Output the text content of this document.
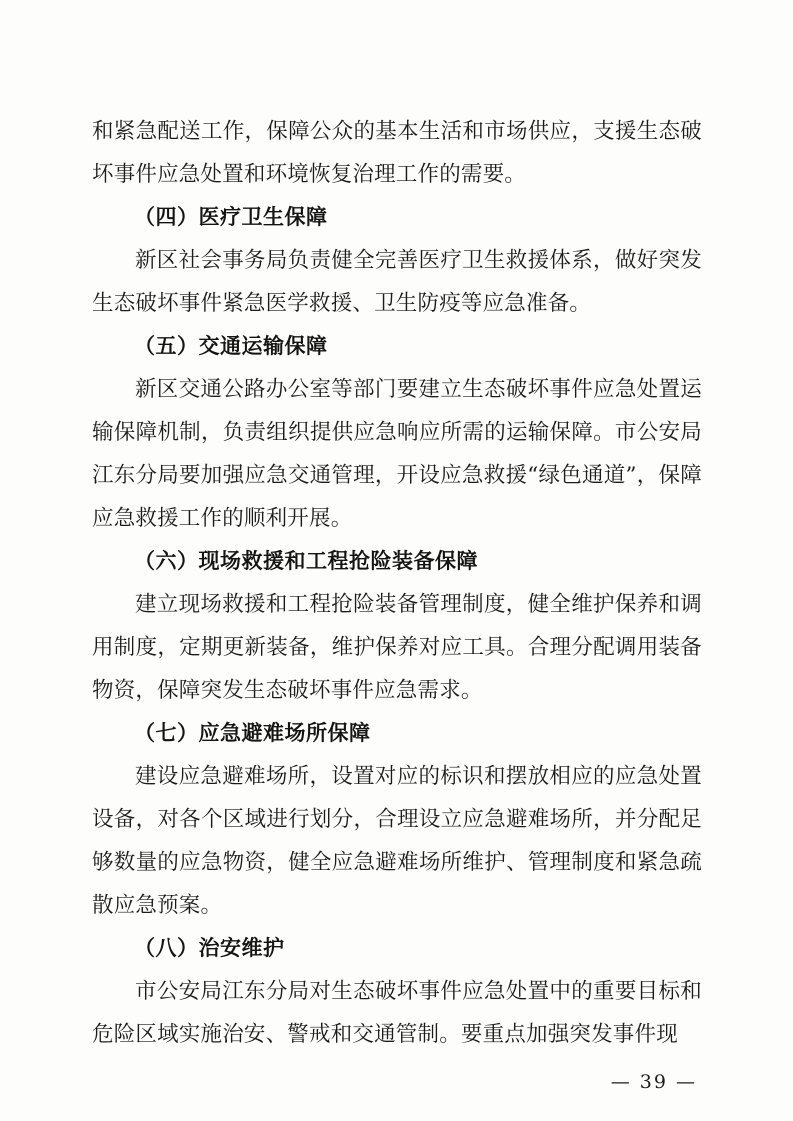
和紧急配送工作，保障公众的基本生活和市场供应，支援生态破坏事件应急处置和环境恢复治理工作的需要。

（四）医疗卫生保障

新区社会事务局负责健全完善医疗卫生救援体系，做好突发生态破坏事件紧急医学救援、卫生防疫等应急准备。

（五）交通运输保障

新区交通公路办公室等部门要建立生态破坏事件应急处置运输保障机制，负责组织提供应急响应所需的运输保障。市公安局江东分局要加强应急交通管理，开设应急救援“绿色通道”，保障应急救援工作的顺利开展。

（六）现场救援和工程抢险装备保障

建立现场救援和工程抢险装备管理制度，健全维护保养和调用制度，定期更新装备，维护保养对应工具。合理分配调用装备物资，保障突发生态破坏事件应急需求。

（七）应急避难场所保障

建设应急避难场所，设置对应的标识和摆放相应的应急处置设备，对各个区域进行划分，合理设立应急避难场所，并分配足够数量的应急物资，健全应急避难场所维护、管理制度和紧急疏散应急预案。

（八）治安维护

市公安局江东分局对生态破坏事件应急处置中的重要目标和危险区域实施治安、警戒和交通管制。要重点加强突发事件现

— 39 —
